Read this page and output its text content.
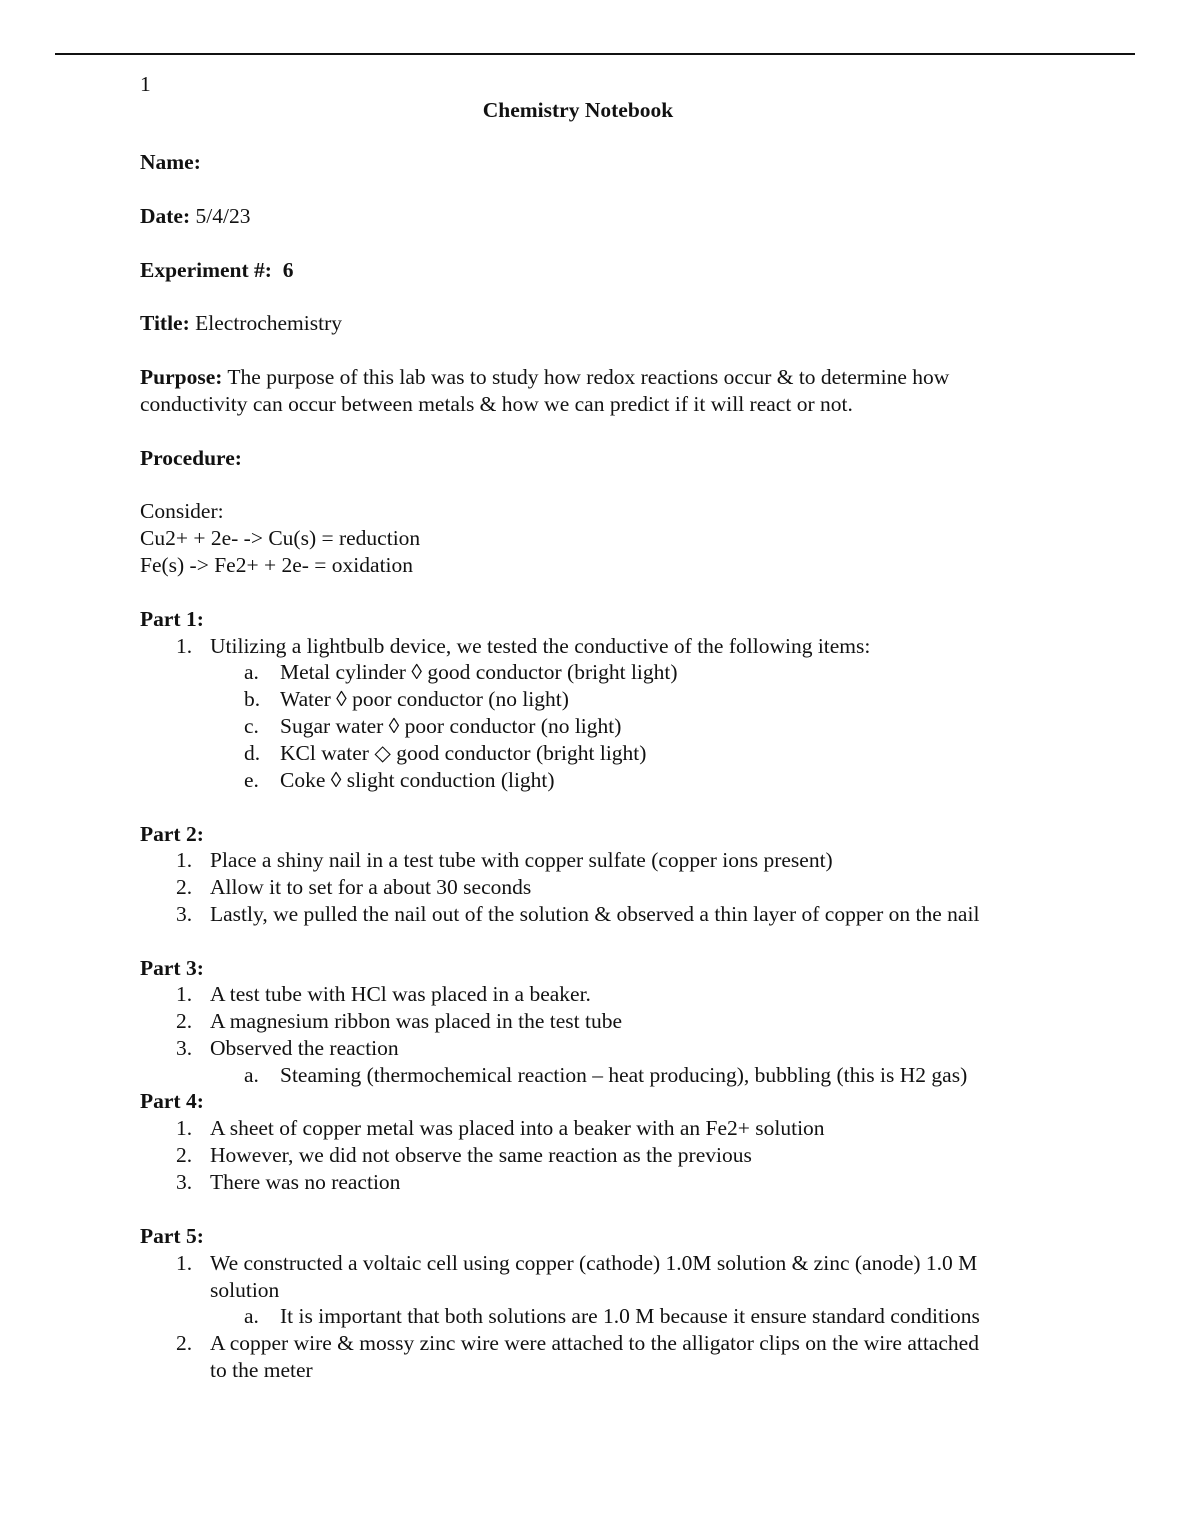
1
Chemistry Notebook
Name:
Date: 5/4/23
Experiment #:  6
Title: Electrochemistry
Purpose: The purpose of this lab was to study how redox reactions occur & to determine how
conductivity can occur between metals & how we can predict if it will react or not.
Procedure:
Consider:
Cu2+ + 2e- -> Cu(s) = reduction
Fe(s) -> Fe2+ + 2e- = oxidation
Part 1:
1. Utilizing a lightbulb device, we tested the conductive of the following items:
a. Metal cylinder ◊ good conductor (bright light)
b. Water ◊ poor conductor (no light)
c. Sugar water ◊ poor conductor (no light)
d. KCl water ◇ good conductor (bright light)
e. Coke ◊ slight conduction (light)
Part 2:
1. Place a shiny nail in a test tube with copper sulfate (copper ions present)
2. Allow it to set for a about 30 seconds
3. Lastly, we pulled the nail out of the solution & observed a thin layer of copper on the nail
Part 3:
1. A test tube with HCl was placed in a beaker.
2. A magnesium ribbon was placed in the test tube
3. Observed the reaction
a. Steaming (thermochemical reaction – heat producing), bubbling (this is H2 gas)
Part 4:
1. A sheet of copper metal was placed into a beaker with an Fe2+ solution
2. However, we did not observe the same reaction as the previous
3. There was no reaction
Part 5:
1. We constructed a voltaic cell using copper (cathode) 1.0M solution & zinc (anode) 1.0 M
solution
a. It is important that both solutions are 1.0 M because it ensure standard conditions
2. A copper wire & mossy zinc wire were attached to the alligator clips on the wire attached
to the meter
